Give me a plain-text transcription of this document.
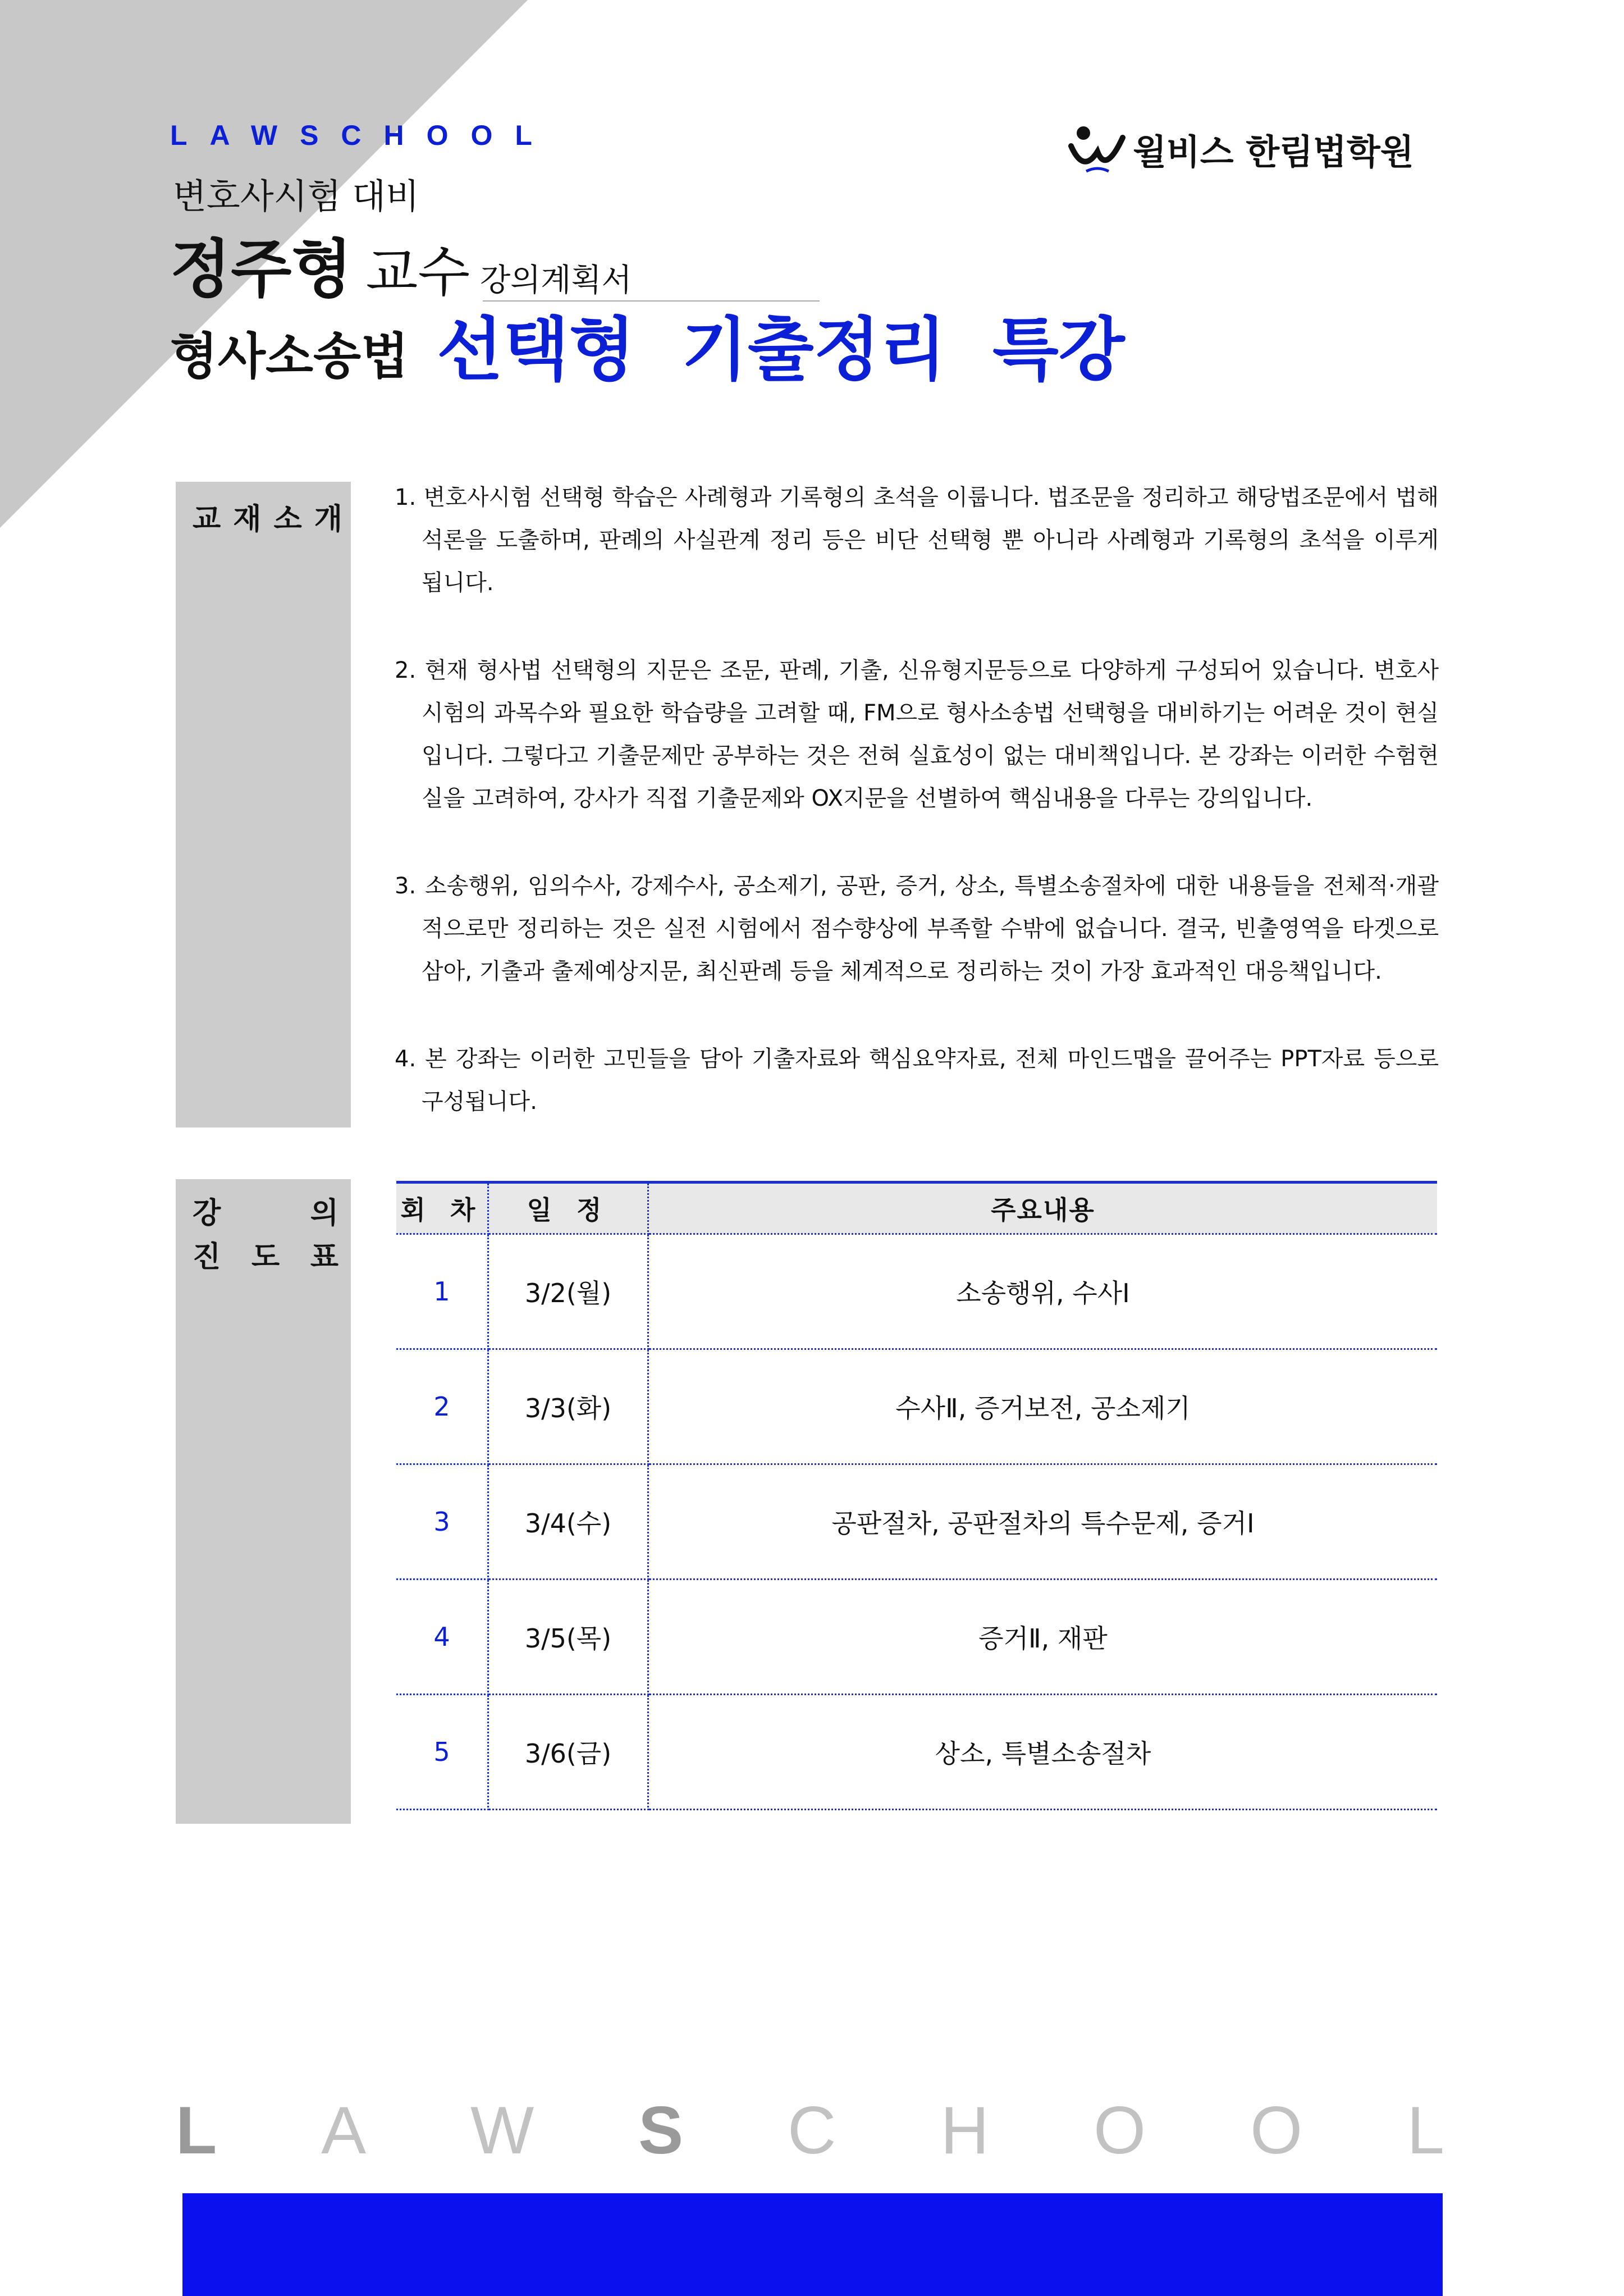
LAWSCHOOL	윌비스 한림법학원
변호사시험 대비
정주형 교수 강의계획서
형사소송법 선택형 기출정리 특강
교재소개

1. 변호사시험 선택형 학습은 사례형과 기록형의 초석을 이룹니다. 법조문을 정리하고 해당법조문에서 법해석론을 도출하며, 판례의 사실관계 정리 등은 비단 선택형 뿐 아니라 사례형과 기록형의 초석을 이루게 됩니다.

2. 현재 형사법 선택형의 지문은 조문, 판례, 기출, 신유형지문등으로 다양하게 구성되어 있습니다. 변호사시험의 과목수와 필요한 학습량을 고려할 때, FM으로 형사소송법 선택형을 대비하기는 어려운 것이 현실입니다. 그렇다고 기출문제만 공부하는 것은 전혀 실효성이 없는 대비책입니다. 본 강좌는 이러한 수험현실을 고려하여, 강사가 직접 기출문제와 OX지문을 선별하여 핵심내용을 다루는 강의입니다.

3. 소송행위, 임의수사, 강제수사, 공소제기, 공판, 증거, 상소, 특별소송절차에 대한 내용들을 전체적·개괄적으로만 정리하는 것은 실전 시험에서 점수향상에 부족할 수밖에 없습니다. 결국, 빈출영역을 타겟으로 삼아, 기출과 출제예상지문, 최신판례 등을 체계적으로 정리하는 것이 가장 효과적인 대응책입니다.

4. 본 강좌는 이러한 고민들을 담아 기출자료와 핵심요약자료, 전체 마인드맵을 끌어주는 PPT자료 등으로 구성됩니다.

강	의
진 도 표
회 차	일 정	주요내용
1	3/2(월)	소송행위, 수사Ⅰ
2	3/3(화)	수사Ⅱ, 증거보전, 공소제기
3	3/4(수)	공판절차, 공판절차의 특수문제, 증거Ⅰ
4	3/5(목)	증거Ⅱ, 재판
5	3/6(금)	상소, 특별소송절차
L A W S C H O O L
